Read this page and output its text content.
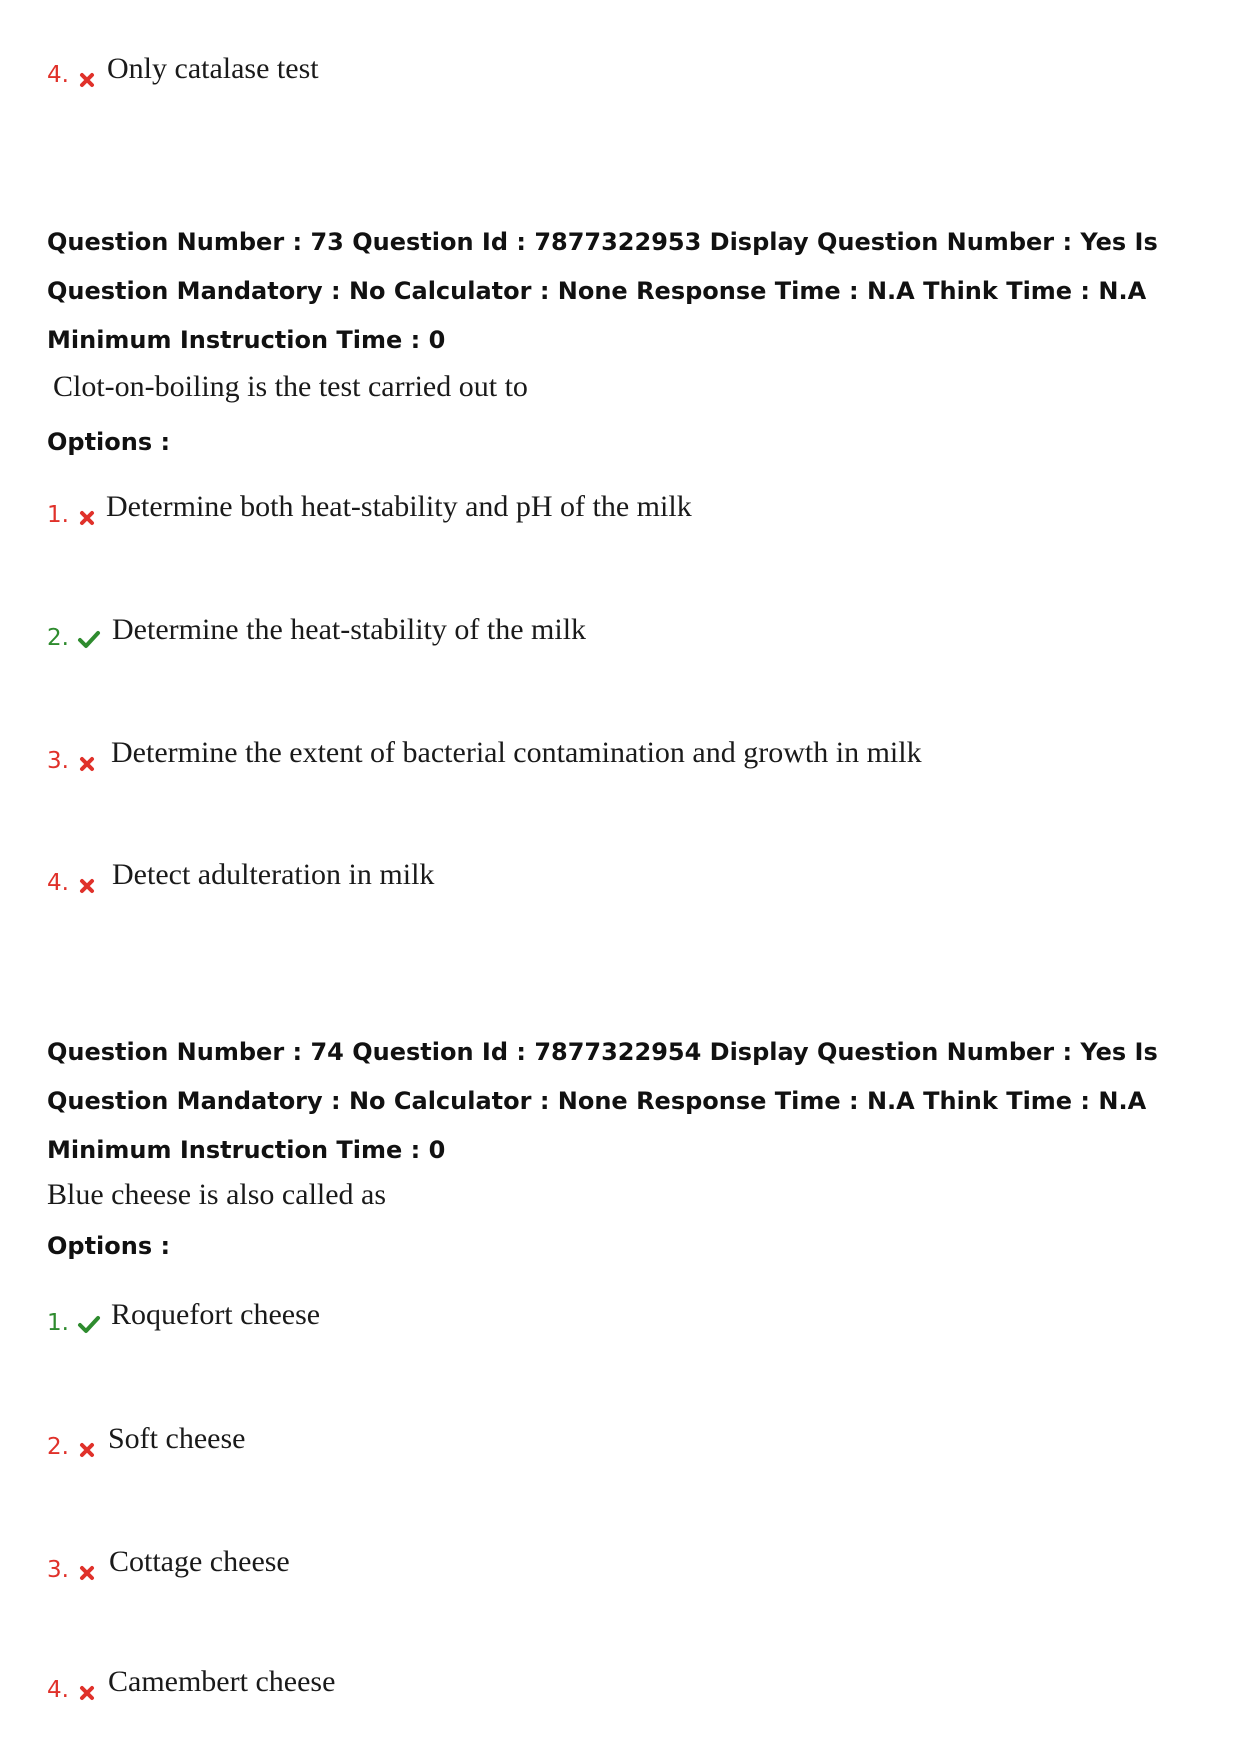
4. Only catalase test
Question Number : 73 Question Id : 7877322953 Display Question Number : Yes Is Question Mandatory : No Calculator : None Response Time : N.A Think Time : N.A Minimum Instruction Time : 0
Clot-on-boiling is the test carried out to
Options :
1. Determine both heat-stability and pH of the milk
2. Determine the heat-stability of the milk
3. Determine the extent of bacterial contamination and growth in milk
4. Detect adulteration in milk
Question Number : 74 Question Id : 7877322954 Display Question Number : Yes Is Question Mandatory : No Calculator : None Response Time : N.A Think Time : N.A Minimum Instruction Time : 0
Blue cheese is also called as
Options :
1. Roquefort cheese
2. Soft cheese
3. Cottage cheese
4. Camembert cheese
